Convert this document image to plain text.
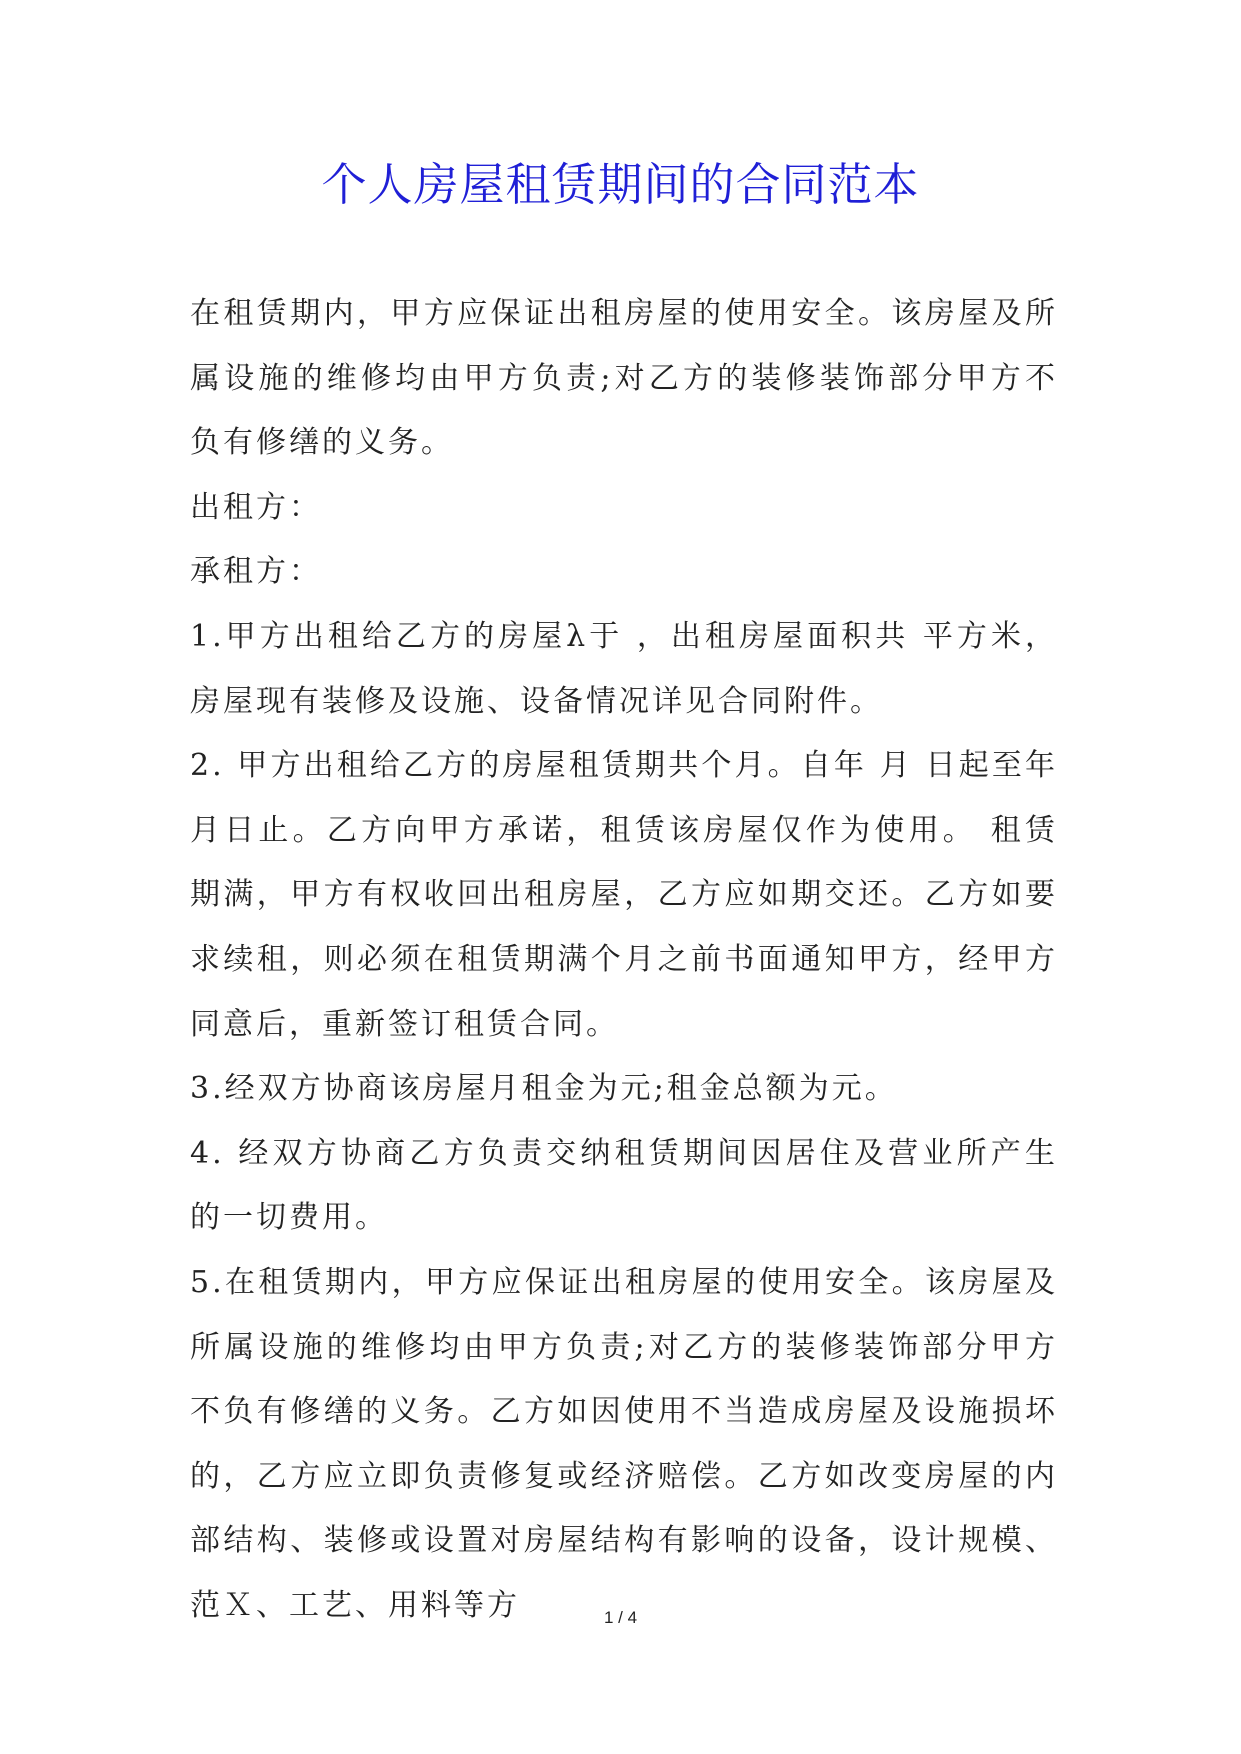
个人房屋租赁期间的合同范本

在租赁期内，甲方应保证出租房屋的使用安全。该房屋及所属设施的维修均由甲方负责;对乙方的装修装饰部分甲方不负有修缮的义务。

出租方：

承租方：

1.甲方出租给乙方的房屋λ于 ，出租房屋面积共 平方米，房屋现有装修及设施、设备情况详见合同附件。

2. 甲方出租给乙方的房屋租赁期共个月。自年 月 日起至年 月日止。乙方向甲方承诺，租赁该房屋仅作为使用。 租赁期满，甲方有权收回出租房屋，乙方应如期交还。乙方如要求续租，则必须在租赁期满个月之前书面通知甲方，经甲方同意后，重新签订租赁合同。

3.经双方协商该房屋月租金为元;租金总额为元。

4. 经双方协商乙方负责交纳租赁期间因居住及营业所产生的一切费用。

5.在租赁期内，甲方应保证出租房屋的使用安全。该房屋及所属设施的维修均由甲方负责;对乙方的装修装饰部分甲方不负有修缮的义务。乙方如因使用不当造成房屋及设施损坏的，乙方应立即负责修复或经济赔偿。乙方如改变房屋的内部结构、装修或设置对房屋结构有影响的设备，设计规模、范Ｘ、工艺、用料等方	1 / 4
